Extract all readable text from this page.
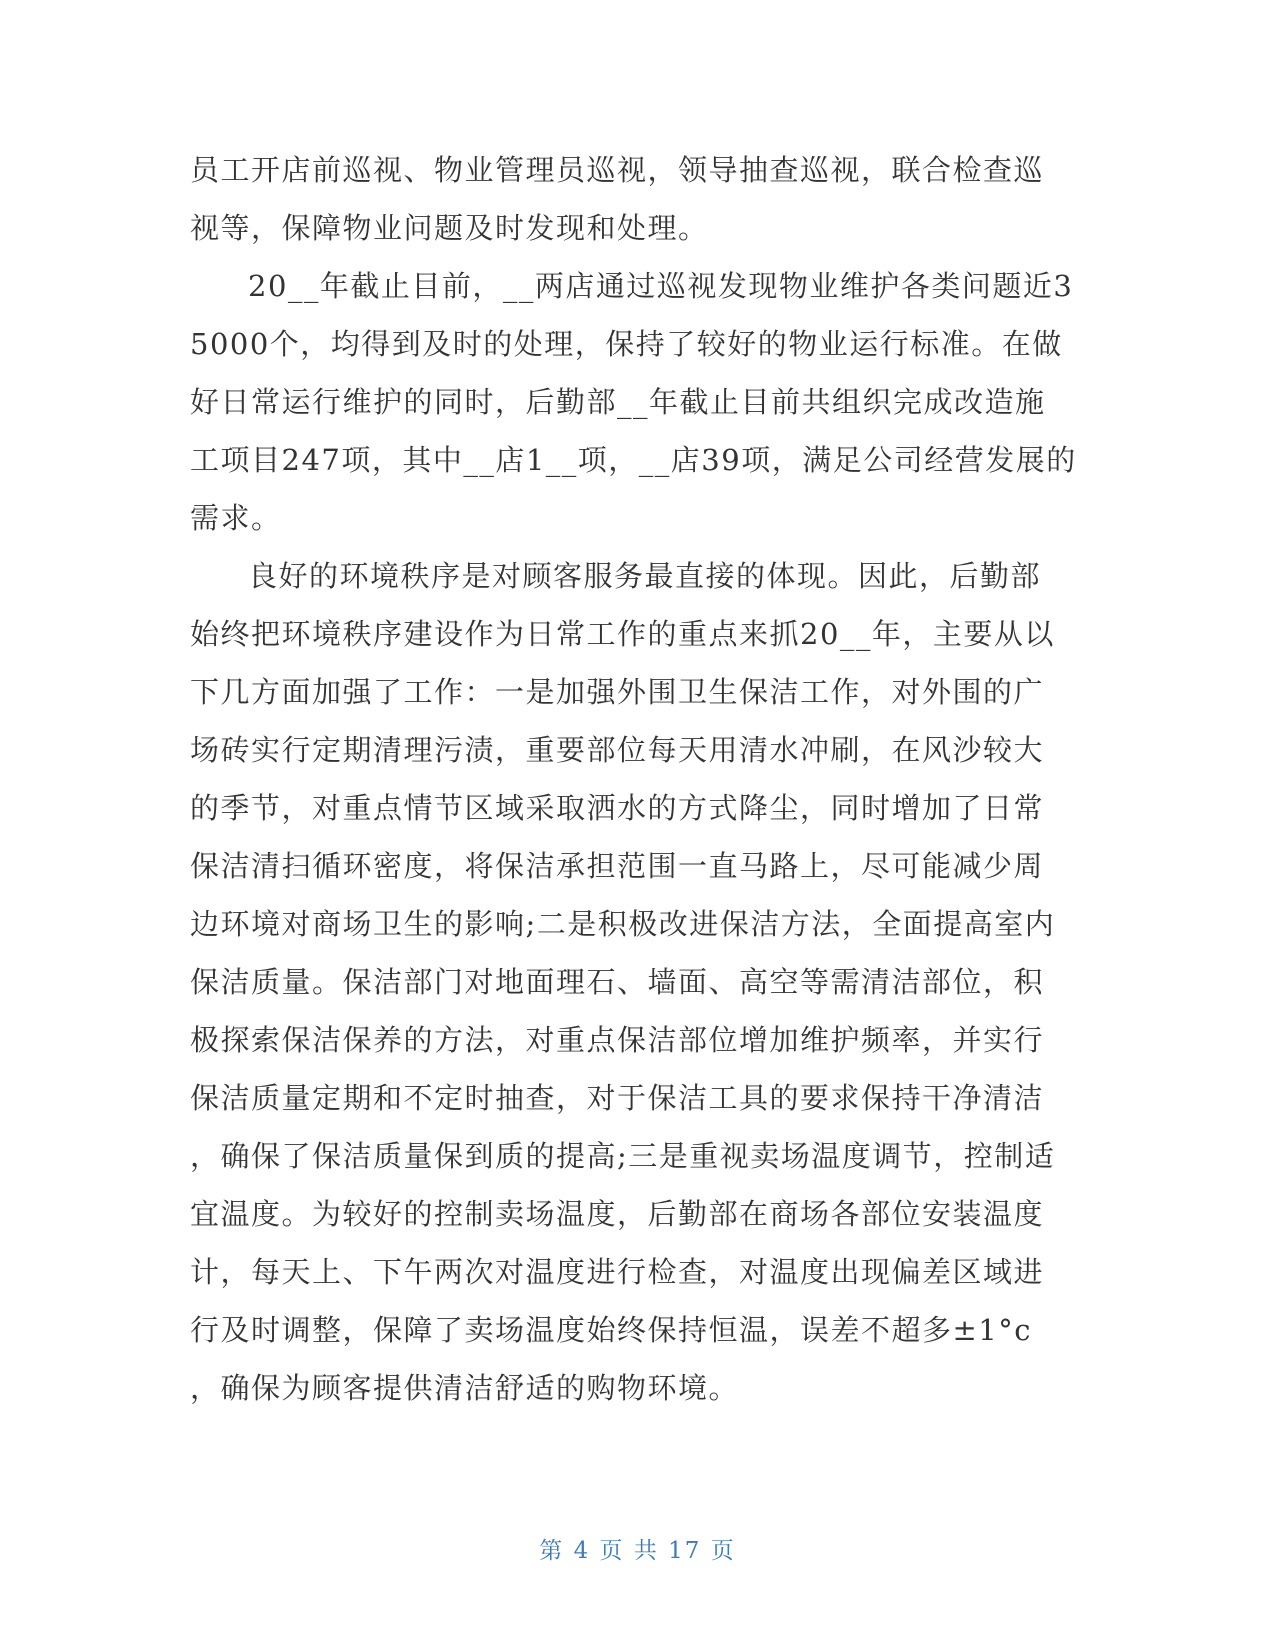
员工开店前巡视、物业管理员巡视，领导抽查巡视，联合检查巡
视等，保障物业问题及时发现和处理。
20__年截止目前，__两店通过巡视发现物业维护各类问题近3
5000个，均得到及时的处理，保持了较好的物业运行标准。在做
好日常运行维护的同时，后勤部__年截止目前共组织完成改造施
工项目247项，其中__店1__项，__店39项，满足公司经营发展的
需求。
良好的环境秩序是对顾客服务最直接的体现。因此，后勤部
始终把环境秩序建设作为日常工作的重点来抓20__年，主要从以
下几方面加强了工作：一是加强外围卫生保洁工作，对外围的广
场砖实行定期清理污渍，重要部位每天用清水冲刷，在风沙较大
的季节，对重点情节区域采取洒水的方式降尘，同时增加了日常
保洁清扫循环密度，将保洁承担范围一直马路上，尽可能减少周
边环境对商场卫生的影响;二是积极改进保洁方法，全面提高室内
保洁质量。保洁部门对地面理石、墙面、高空等需清洁部位，积
极探索保洁保养的方法，对重点保洁部位增加维护频率，并实行
保洁质量定期和不定时抽查，对于保洁工具的要求保持干净清洁
，确保了保洁质量保到质的提高;三是重视卖场温度调节，控制适
宜温度。为较好的控制卖场温度，后勤部在商场各部位安装温度
计，每天上、下午两次对温度进行检查，对温度出现偏差区域进
行及时调整，保障了卖场温度始终保持恒温，误差不超多±1°c
，确保为顾客提供清洁舒适的购物环境。
第 4 页 共 17 页
